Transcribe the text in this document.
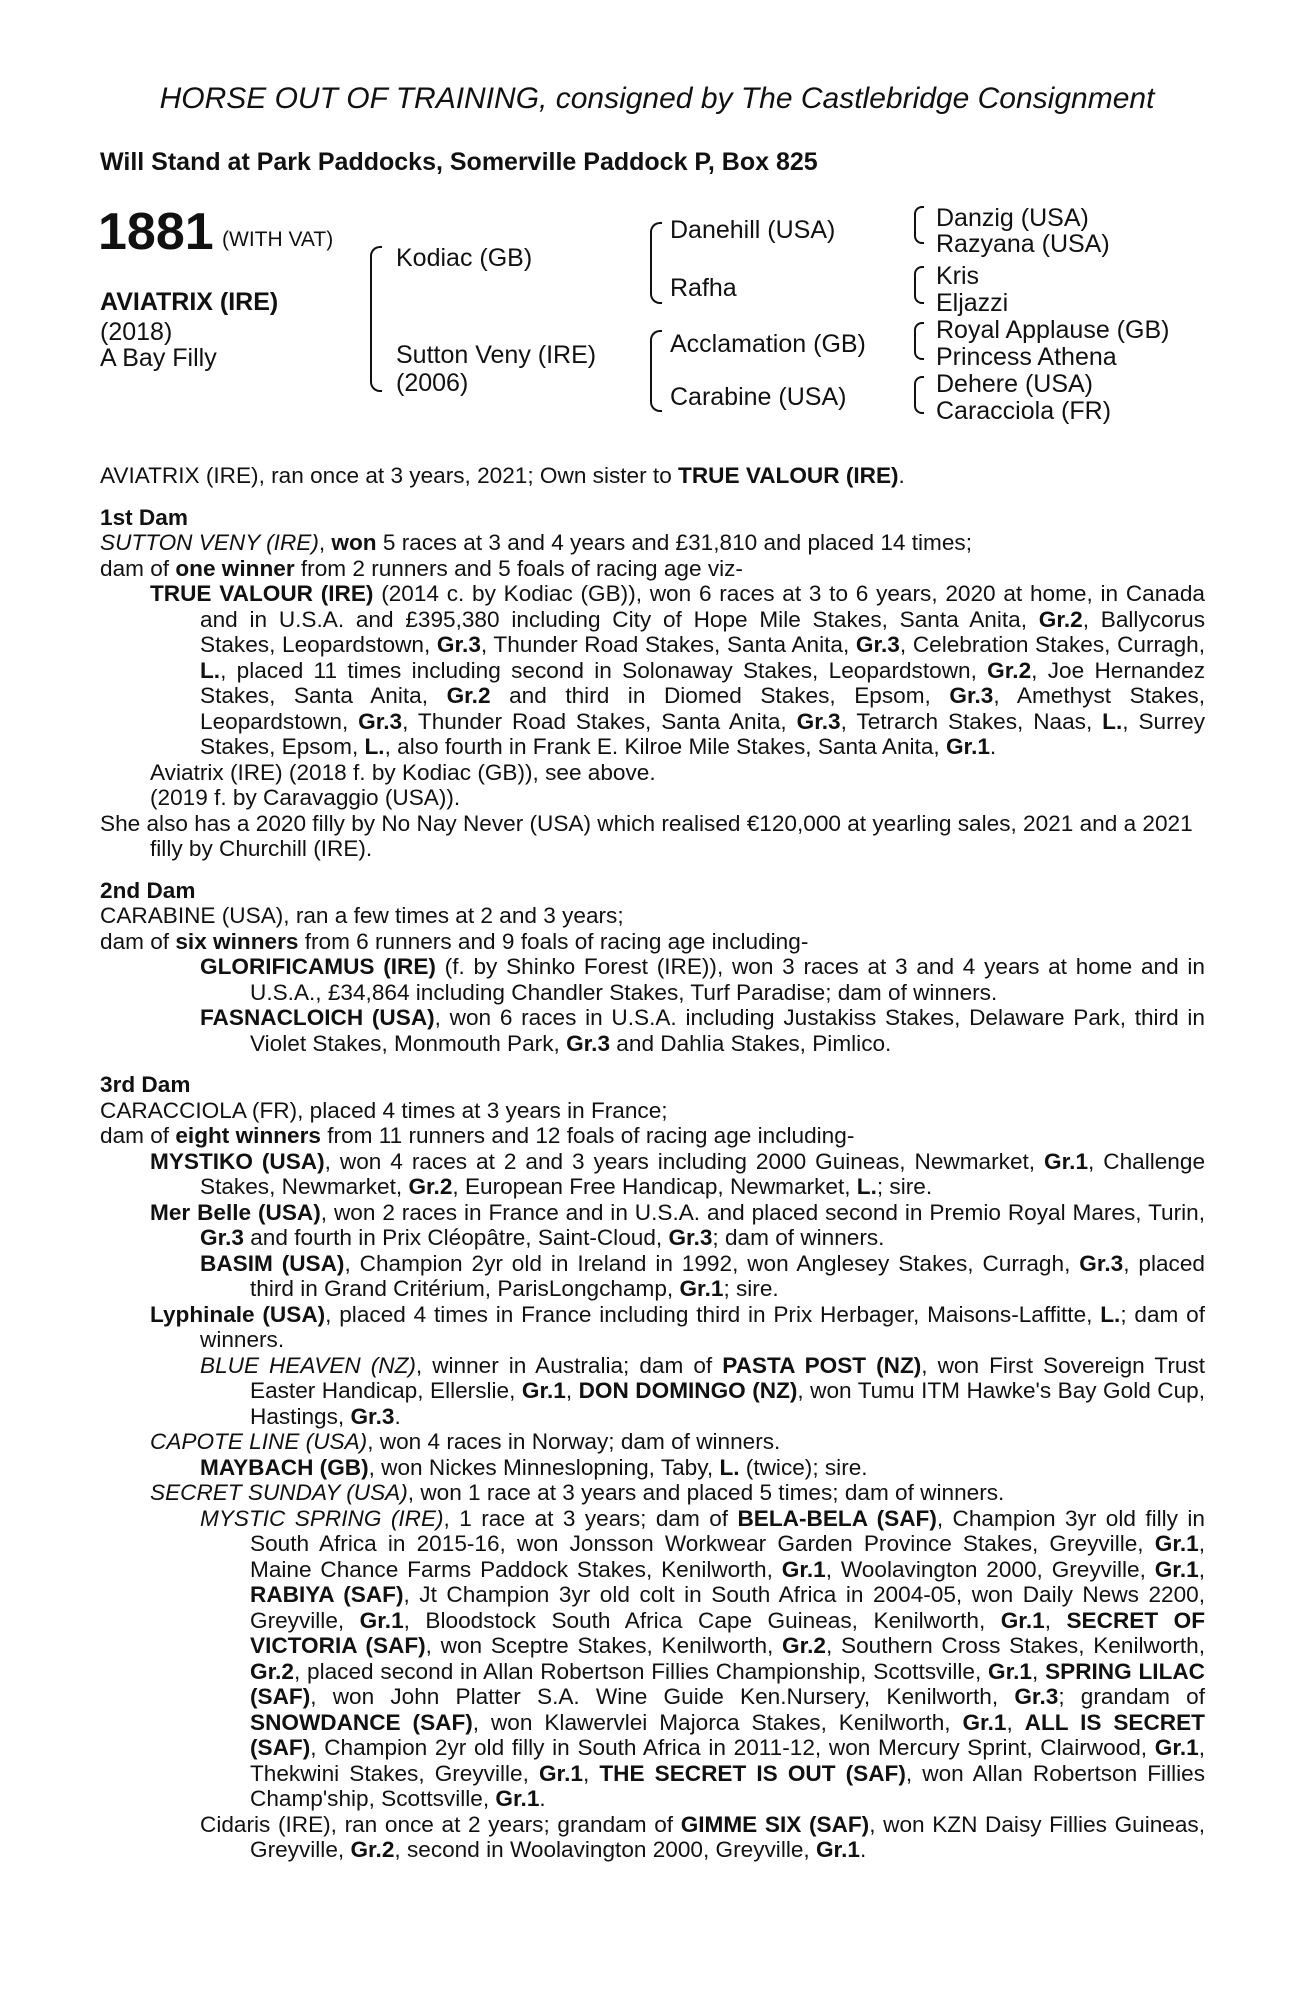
HORSE OUT OF TRAINING, consigned by The Castlebridge Consignment
Will Stand at Park Paddocks, Somerville Paddock P, Box 825
1881 (WITH VAT)
AVIATRIX (IRE)
(2018)
A Bay Filly
Kodiac (GB)
Sutton Veny (IRE)
(2006)
Danehill (USA)
Rafha
Acclamation (GB)
Carabine (USA)
Danzig (USA)
Razyana (USA)
Kris
Eljazzi
Royal Applause (GB)
Princess Athena
Dehere (USA)
Caracciola (FR)

AVIATRIX (IRE), ran once at 3 years, 2021; Own sister to TRUE VALOUR (IRE).

1st Dam

SUTTON VENY (IRE), won 5 races at 3 and 4 years and £31,810 and placed 14 times;

dam of one winner from 2 runners and 5 foals of racing age viz-

TRUE VALOUR (IRE) (2014 c. by Kodiac (GB)), won 6 races at 3 to 6 years, 2020 at home, in Canada and in U.S.A. and £395,380 including City of Hope Mile Stakes, Santa Anita, Gr.2, Ballycorus Stakes, Leopardstown, Gr.3, Thunder Road Stakes, Santa Anita, Gr.3, Celebration Stakes, Curragh, L., placed 11 times including second in Solonaway Stakes, Leopardstown, Gr.2, Joe Hernandez Stakes, Santa Anita, Gr.2 and third in Diomed Stakes, Epsom, Gr.3, Amethyst Stakes, Leopardstown, Gr.3, Thunder Road Stakes, Santa Anita, Gr.3, Tetrarch Stakes, Naas, L., Surrey Stakes, Epsom, L., also fourth in Frank E. Kilroe Mile Stakes, Santa Anita, Gr.1.

Aviatrix (IRE) (2018 f. by Kodiac (GB)), see above.

(2019 f. by Caravaggio (USA)).

She also has a 2020 filly by No Nay Never (USA) which realised €120,000 at yearling sales, 2021 and a 2021 filly by Churchill (IRE).

2nd Dam

CARABINE (USA), ran a few times at 2 and 3 years;

dam of six winners from 6 runners and 9 foals of racing age including-

GLORIFICAMUS (IRE) (f. by Shinko Forest (IRE)), won 3 races at 3 and 4 years at home and in U.S.A., £34,864 including Chandler Stakes, Turf Paradise; dam of winners.

FASNACLOICH (USA), won 6 races in U.S.A. including Justakiss Stakes, Delaware Park, third in Violet Stakes, Monmouth Park, Gr.3 and Dahlia Stakes, Pimlico.

3rd Dam

CARACCIOLA (FR), placed 4 times at 3 years in France;

dam of eight winners from 11 runners and 12 foals of racing age including-

MYSTIKO (USA), won 4 races at 2 and 3 years including 2000 Guineas, Newmarket, Gr.1, Challenge Stakes, Newmarket, Gr.2, European Free Handicap, Newmarket, L.; sire.

Mer Belle (USA), won 2 races in France and in U.S.A. and placed second in Premio Royal Mares, Turin, Gr.3 and fourth in Prix Cléopâtre, Saint-Cloud, Gr.3; dam of winners.

BASIM (USA), Champion 2yr old in Ireland in 1992, won Anglesey Stakes, Curragh, Gr.3, placed third in Grand Critérium, ParisLongchamp, Gr.1; sire.

Lyphinale (USA), placed 4 times in France including third in Prix Herbager, Maisons-Laffitte, L.; dam of winners.

BLUE HEAVEN (NZ), winner in Australia; dam of PASTA POST (NZ), won First Sovereign Trust Easter Handicap, Ellerslie, Gr.1, DON DOMINGO (NZ), won Tumu ITM Hawke's Bay Gold Cup, Hastings, Gr.3.

CAPOTE LINE (USA), won 4 races in Norway; dam of winners.

MAYBACH (GB), won Nickes Minneslopning, Taby, L. (twice); sire.

SECRET SUNDAY (USA), won 1 race at 3 years and placed 5 times; dam of winners.

MYSTIC SPRING (IRE), 1 race at 3 years; dam of BELA-BELA (SAF), Champion 3yr old filly in South Africa in 2015-16, won Jonsson Workwear Garden Province Stakes, Greyville, Gr.1, Maine Chance Farms Paddock Stakes, Kenilworth, Gr.1, Woolavington 2000, Greyville, Gr.1, RABIYA (SAF), Jt Champion 3yr old colt in South Africa in 2004-05, won Daily News 2200, Greyville, Gr.1, Bloodstock South Africa Cape Guineas, Kenilworth, Gr.1, SECRET OF VICTORIA (SAF), won Sceptre Stakes, Kenilworth, Gr.2, Southern Cross Stakes, Kenilworth, Gr.2, placed second in Allan Robertson Fillies Championship, Scottsville, Gr.1, SPRING LILAC (SAF), won John Platter S.A. Wine Guide Ken.Nursery, Kenilworth, Gr.3; grandam of SNOWDANCE (SAF), won Klawervlei Majorca Stakes, Kenilworth, Gr.1, ALL IS SECRET (SAF), Champion 2yr old filly in South Africa in 2011-12, won Mercury Sprint, Clairwood, Gr.1, Thekwini Stakes, Greyville, Gr.1, THE SECRET IS OUT (SAF), won Allan Robertson Fillies Champ'ship, Scottsville, Gr.1.

Cidaris (IRE), ran once at 2 years; grandam of GIMME SIX (SAF), won KZN Daisy Fillies Guineas, Greyville, Gr.2, second in Woolavington 2000, Greyville, Gr.1.
